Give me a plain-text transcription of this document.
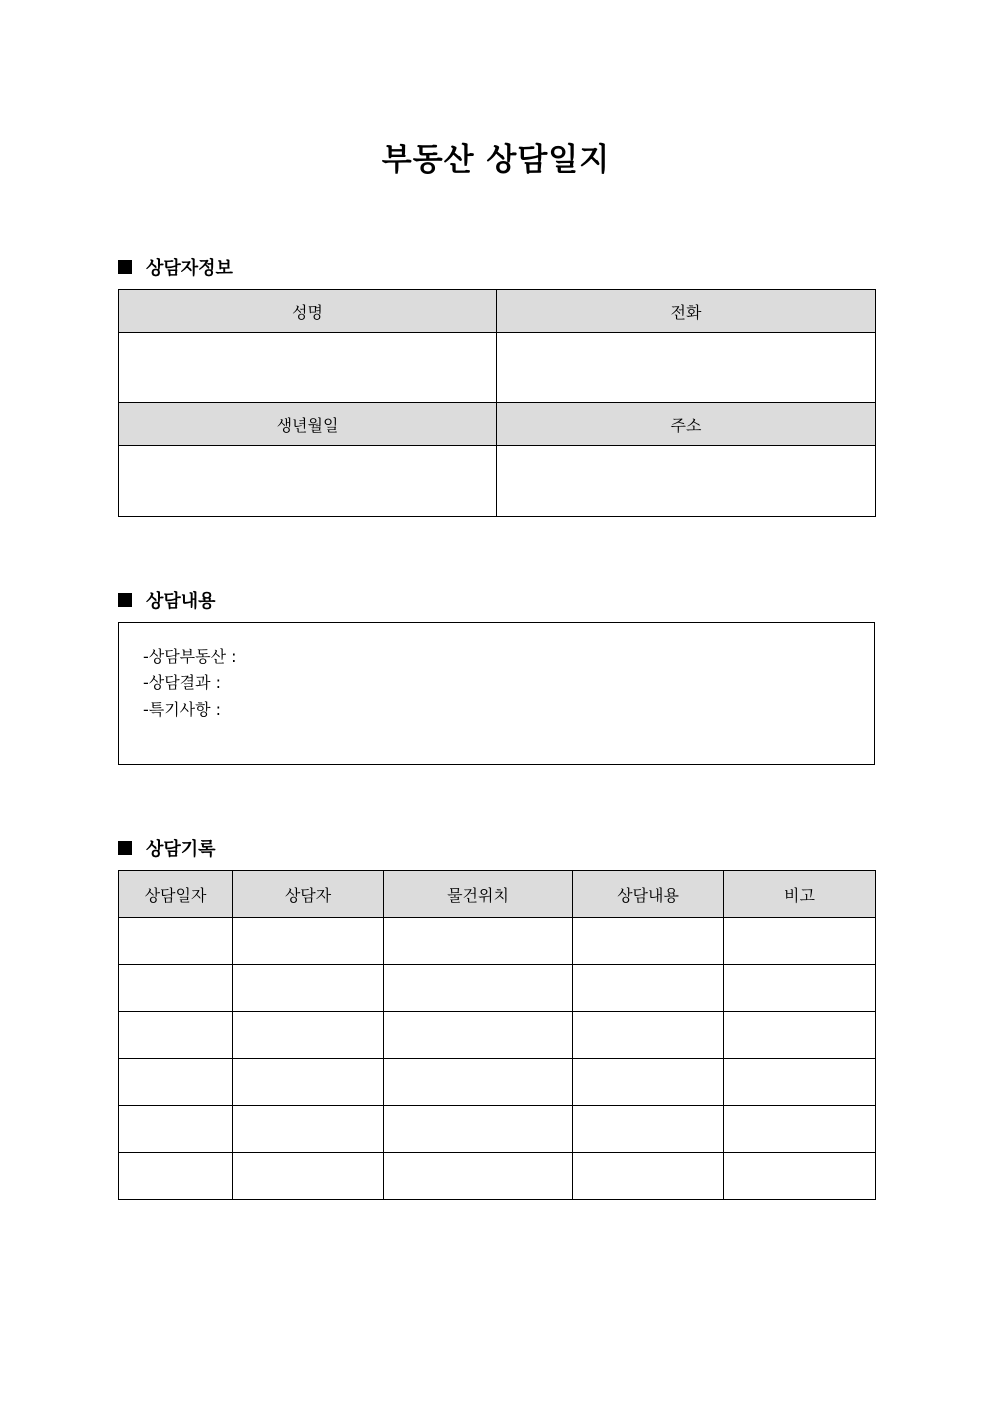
부동산 상담일지
상담자정보
성명	전화

생년월일	주소

상담내용
-상담부동산 :
-상담결과 :
-특기사항 :
상담기록
상담일자	상담자	물건위치	상담내용	비고
